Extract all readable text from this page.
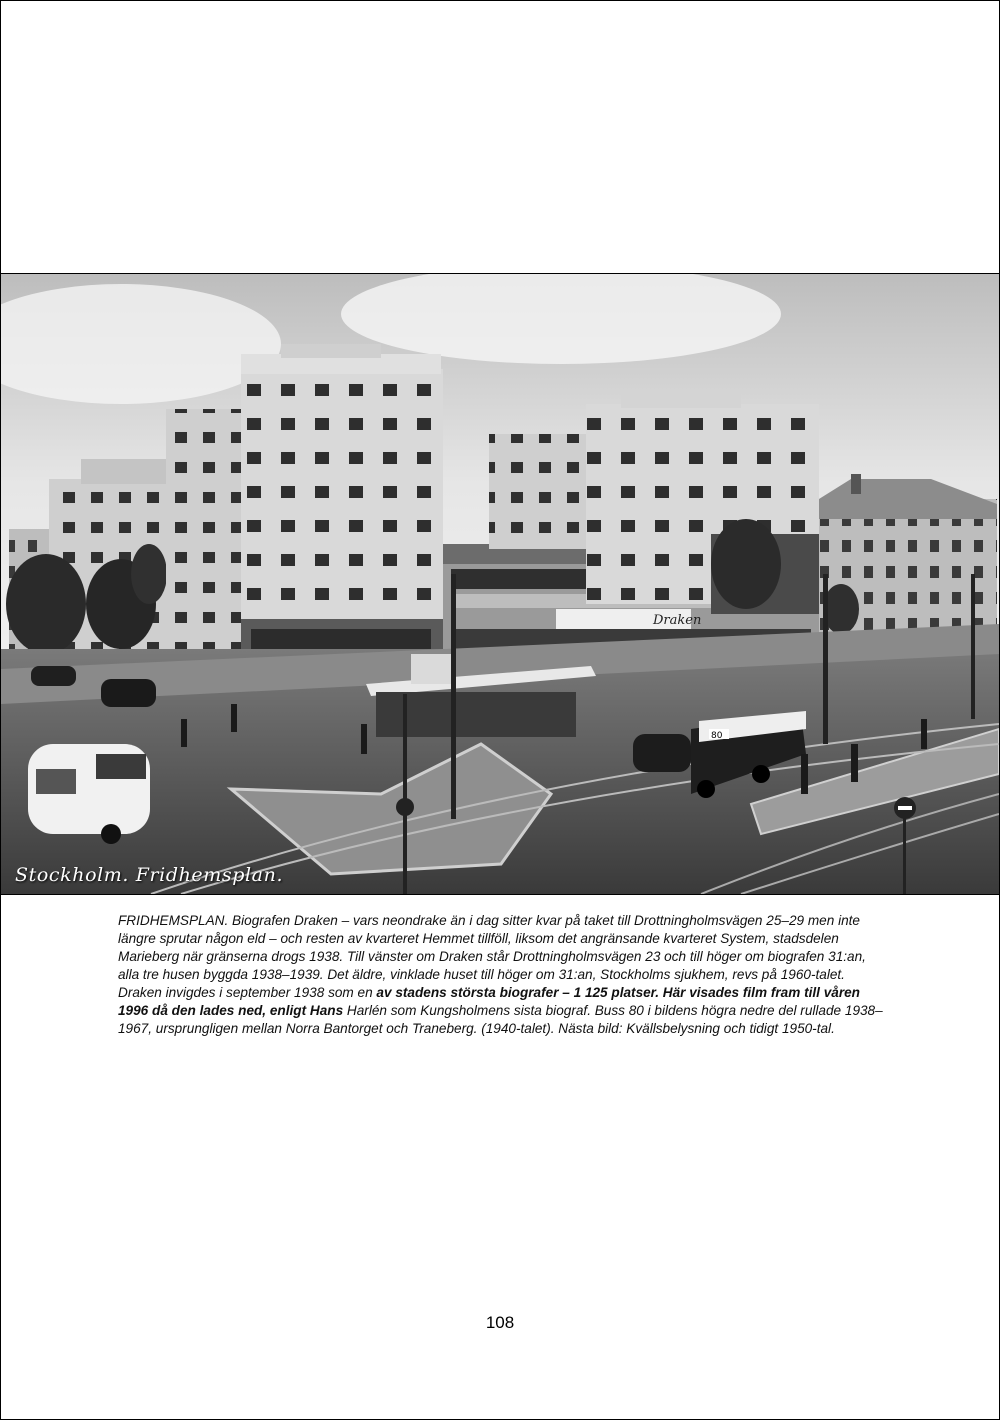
Draken
80
Stockholm. Fridhemsplan.
FRIDHEMSPLAN. Biografen Draken – vars neondrake än i dag sitter kvar på taket till Drottningholmsvägen 25–29 men inte längre sprutar någon eld – och resten av kvarteret Hemmet tillföll, liksom det angränsande kvarteret System, stadsdelen Marieberg när gränserna drogs 1938. Till vänster om Draken står Drottningholmsvägen 23 och till höger om biografen 31:an, alla tre husen byggda 1938–1939. Det äldre, vinklade huset till höger om 31:an, Stockholms sjukhem, revs på 1960-talet. Draken invigdes i september 1938 som en av stadens största biografer – 1 125 platser. Här visades film fram till våren 1996 då den lades ned, enligt Hans Harlén som Kungsholmens sista biograf. Buss 80 i bildens högra nedre del rullade 1938–1967, ursprungligen mellan Norra Bantorget och Traneberg. (1940-talet). Nästa bild: Kvällsbelysning och tidigt 1950-tal.
108
